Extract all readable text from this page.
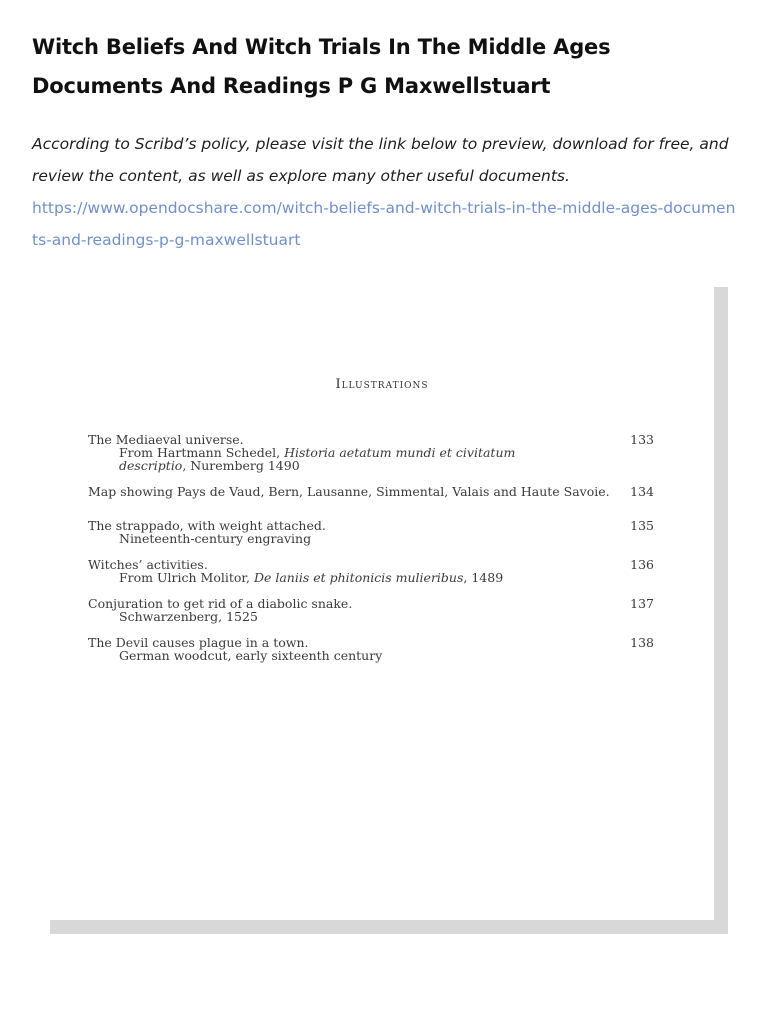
Witch Beliefs And Witch Trials In The Middle Ages Documents And Readings P G Maxwellstuart

According to Scribd’s policy, please visit the link below to preview, download for free, and review the content, as well as explore many other useful documents.

https://www.opendocshare.com/witch-beliefs-and-witch-trials-in-the-middle-ages-documents-and-readings-p-g-maxwellstuart
Illustrations
The Mediaeval universe.
From Hartmann Schedel, Historia aetatum mundi et civitatum descriptio, Nuremberg 1490
133
Map showing Pays de Vaud, Bern, Lausanne, Simmental, Valais and Haute Savoie.	134
The strappado, with weight attached.
Nineteenth-century engraving
135
Witches’ activities.
From Ulrich Molitor, De laniis et phitonicis mulieribus, 1489
136
Conjuration to get rid of a diabolic snake.
Schwarzenberg, 1525
137
The Devil causes plague in a town.
German woodcut, early sixteenth century
138
